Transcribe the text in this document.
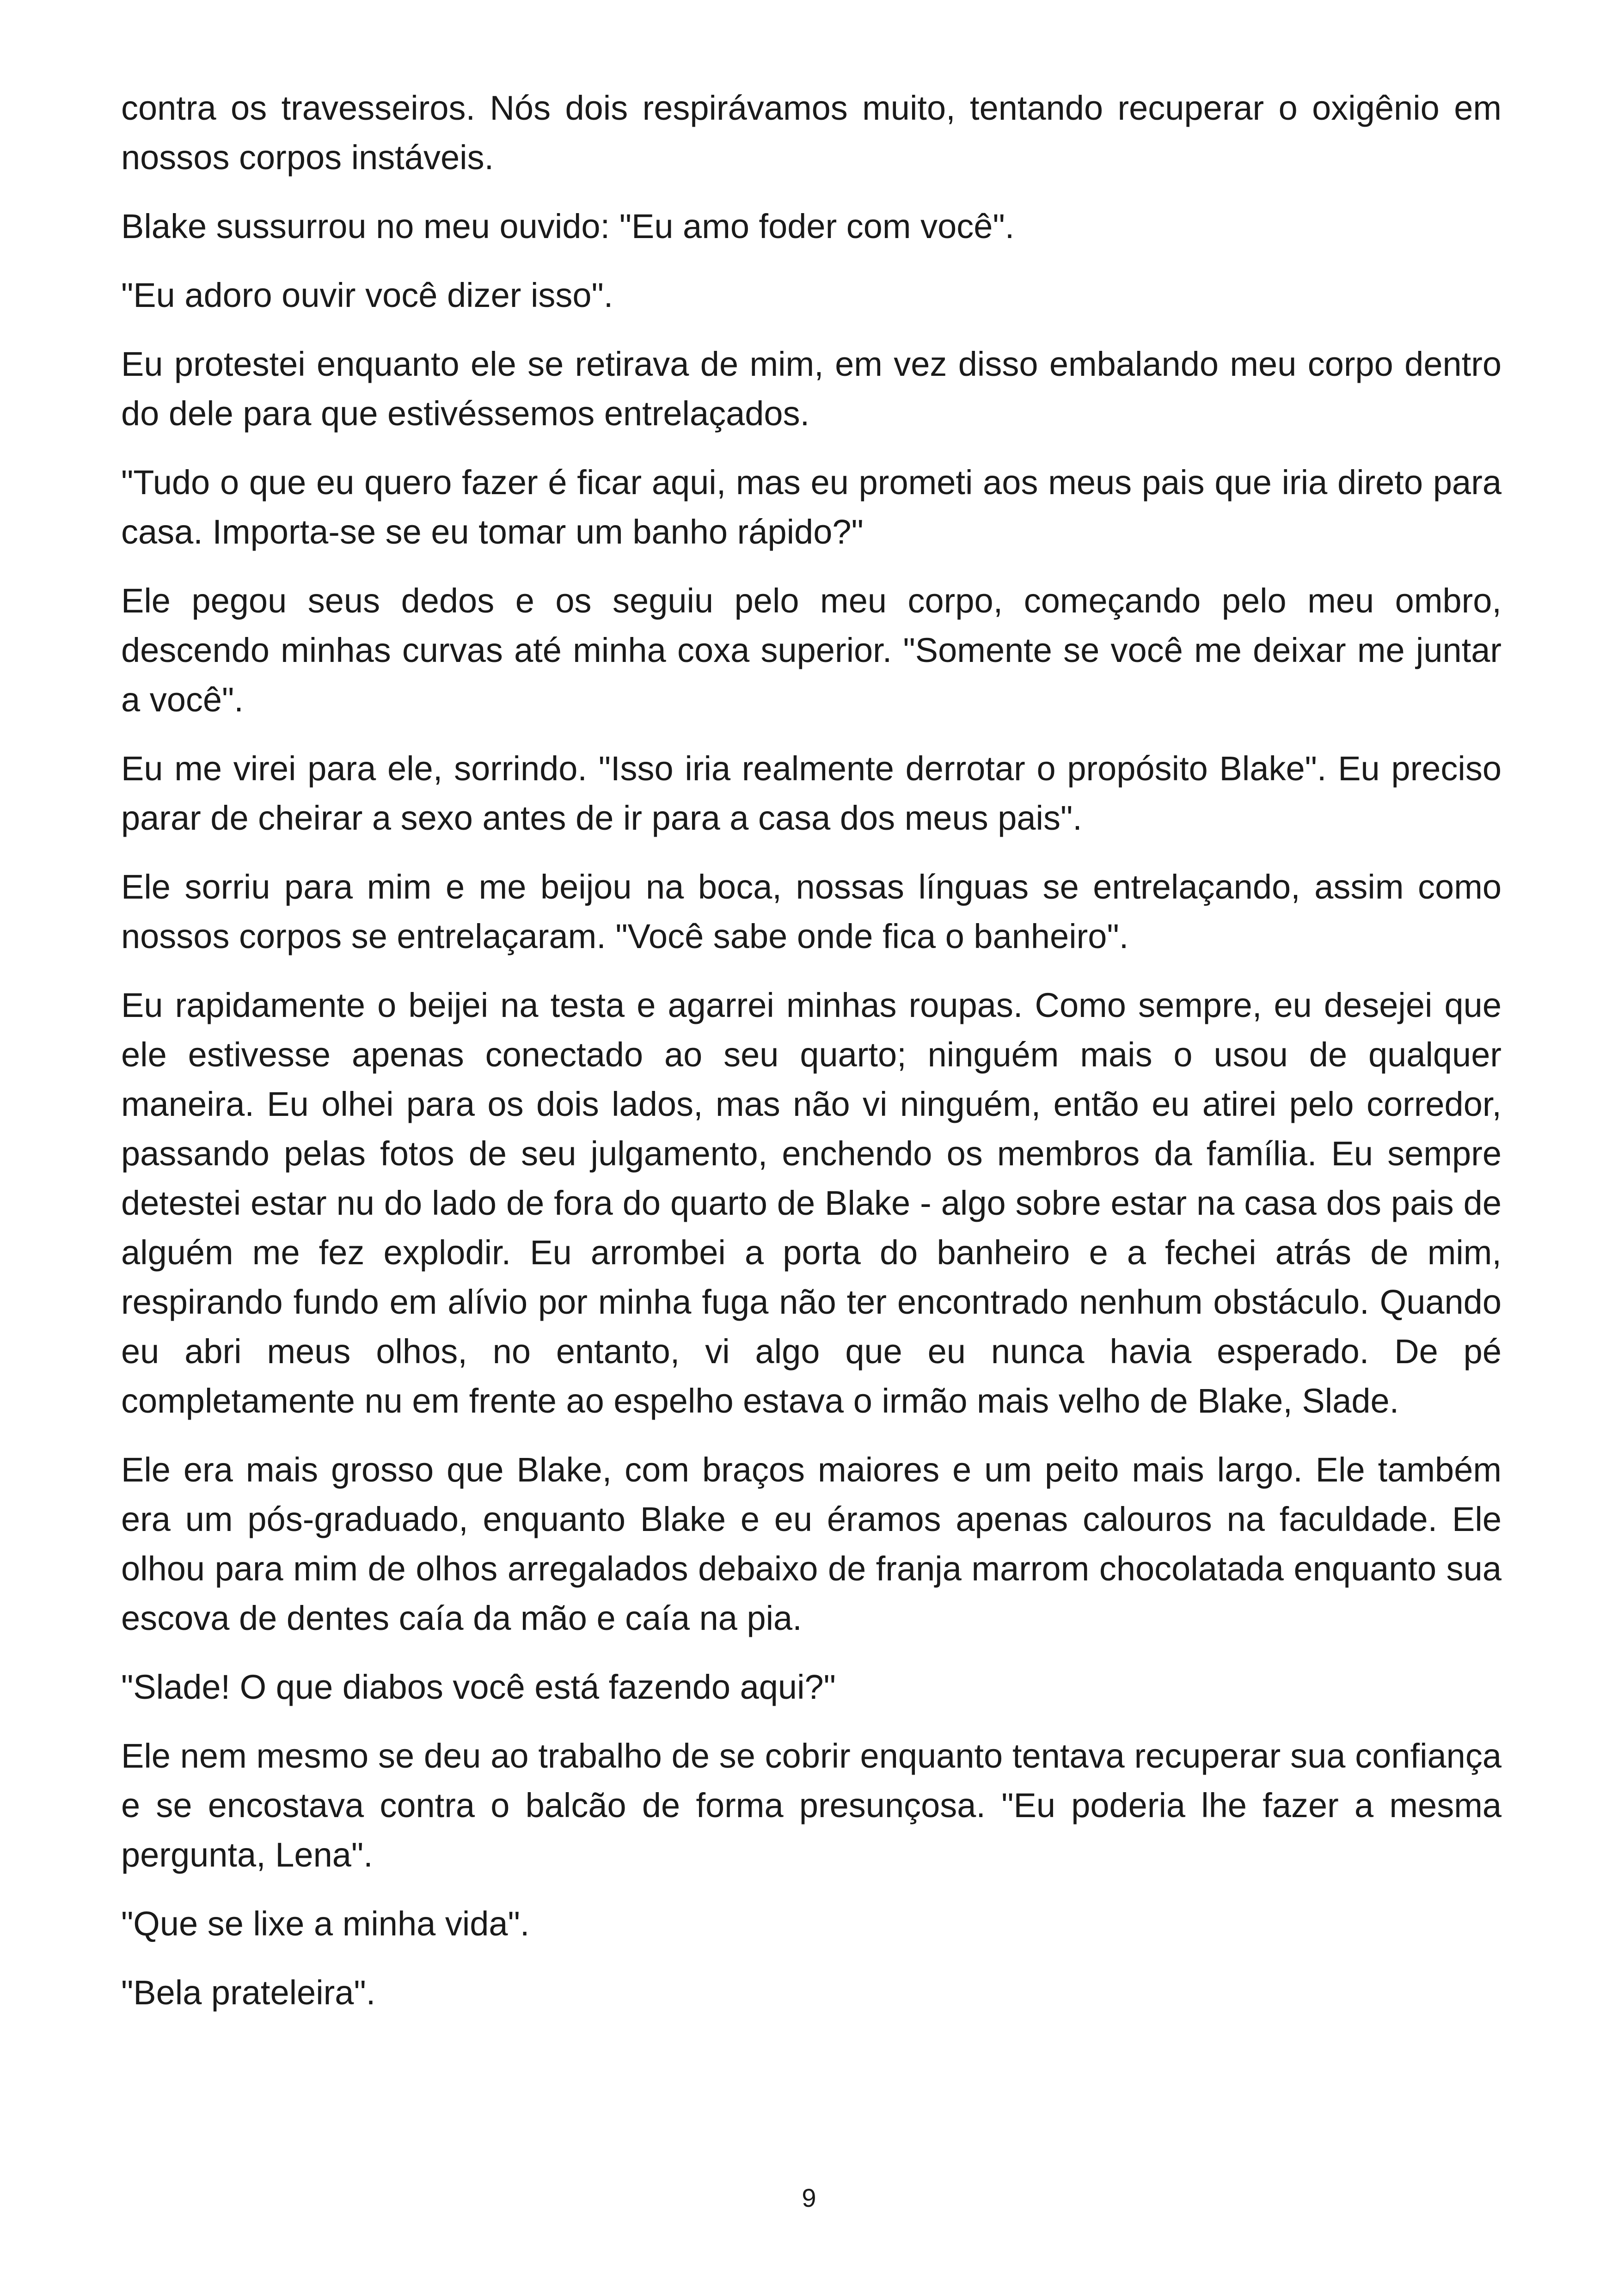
contra os travesseiros. Nós dois respirávamos muito, tentando recuperar o oxigênio em nossos corpos instáveis.

Blake sussurrou no meu ouvido: "Eu amo foder com você".

"Eu adoro ouvir você dizer isso".

Eu protestei enquanto ele se retirava de mim, em vez disso embalando meu corpo dentro do dele para que estivéssemos entrelaçados.

"Tudo o que eu quero fazer é ficar aqui, mas eu prometi aos meus pais que iria direto para casa. Importa-se se eu tomar um banho rápido?"

Ele pegou seus dedos e os seguiu pelo meu corpo, começando pelo meu ombro, descendo minhas curvas até minha coxa superior. "Somente se você me deixar me juntar a você".

Eu me virei para ele, sorrindo. "Isso iria realmente derrotar o propósito Blake". Eu preciso parar de cheirar a sexo antes de ir para a casa dos meus pais".

Ele sorriu para mim e me beijou na boca, nossas línguas se entrelaçando, assim como nossos corpos se entrelaçaram. "Você sabe onde fica o banheiro".

Eu rapidamente o beijei na testa e agarrei minhas roupas. Como sempre, eu desejei que ele estivesse apenas conectado ao seu quarto; ninguém mais o usou de qualquer maneira. Eu olhei para os dois lados, mas não vi ninguém, então eu atirei pelo corredor, passando pelas fotos de seu julgamento, enchendo os membros da família. Eu sempre detestei estar nu do lado de fora do quarto de Blake - algo sobre estar na casa dos pais de alguém me fez explodir. Eu arrombei a porta do banheiro e a fechei atrás de mim, respirando fundo em alívio por minha fuga não ter encontrado nenhum obstáculo. Quando eu abri meus olhos, no entanto, vi algo que eu nunca havia esperado. De pé completamente nu em frente ao espelho estava o irmão mais velho de Blake, Slade.

Ele era mais grosso que Blake, com braços maiores e um peito mais largo. Ele também era um pós-graduado, enquanto Blake e eu éramos apenas calouros na faculdade. Ele olhou para mim de olhos arregalados debaixo de franja marrom chocolatada enquanto sua escova de dentes caía da mão e caía na pia.

"Slade! O que diabos você está fazendo aqui?"

Ele nem mesmo se deu ao trabalho de se cobrir enquanto tentava recuperar sua confiança e se encostava contra o balcão de forma presunçosa. "Eu poderia lhe fazer a mesma pergunta, Lena".

"Que se lixe a minha vida".

"Bela prateleira".

9
